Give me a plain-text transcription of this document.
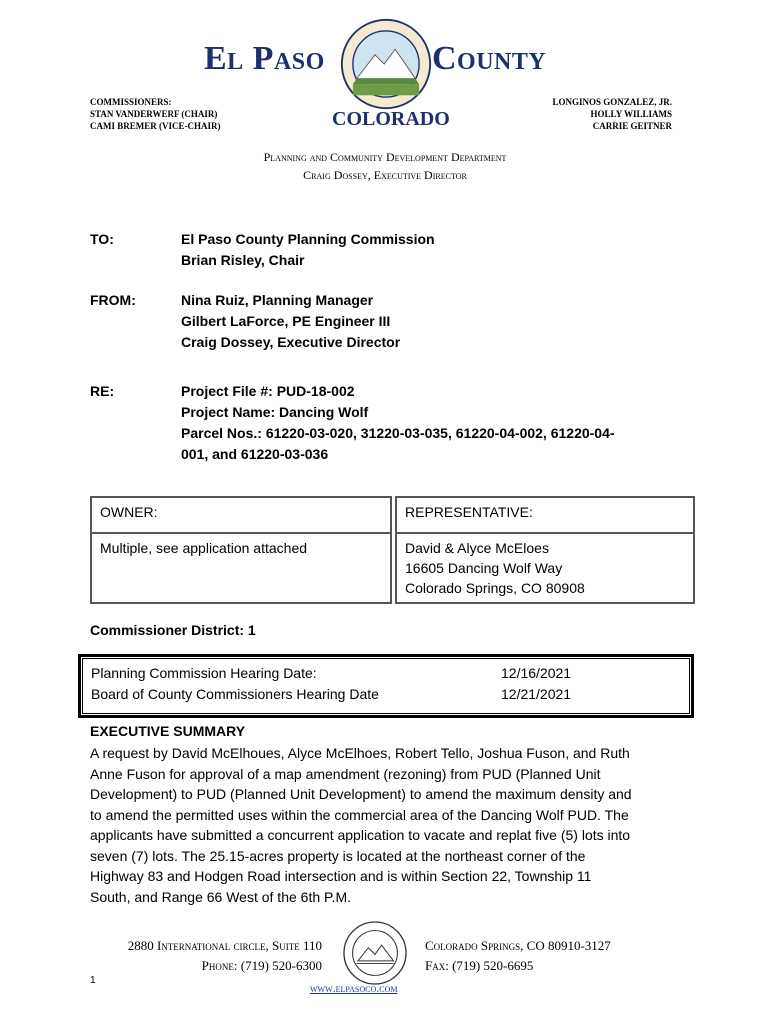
El Paso	County
COLORADO
COMMISSIONERS:
STAN VANDERWERF (CHAIR)
CAMI BREMER (VICE-CHAIR)
LONGINOS GONZALEZ, JR.
HOLLY WILLIAMS
CARRIE GEITNER
Planning and Community Development Department
Craig Dossey, Executive Director
TO:	El Paso County Planning Commission
Brian Risley, Chair
FROM:	Nina Ruiz, Planning Manager
Gilbert LaForce, PE Engineer III
Craig Dossey, Executive Director
RE:	Project File #: PUD-18-002
Project Name: Dancing Wolf
Parcel Nos.: 61220-03-020, 31220-03-035, 61220-04-002, 61220-04-
001, and 61220-03-036
OWNER:		REPRESENTATIVE:
Multiple, see application attached		David & Alyce McEloes
16605 Dancing Wolf Way
Colorado Springs, CO 80908
Commissioner District: 1
Planning Commission Hearing Date:	12/16/2021
Board of County Commissioners Hearing Date	12/21/2021
EXECUTIVE SUMMARY
A request by David McElhoues, Alyce McElhoes, Robert Tello, Joshua Fuson, and Ruth
Anne Fuson for approval of a map amendment (rezoning) from PUD (Planned Unit
Development) to PUD (Planned Unit Development) to amend the maximum density and
to amend the permitted uses within the commercial area of the Dancing Wolf PUD. The
applicants have submitted a concurrent application to vacate and replat five (5) lots into
seven (7) lots. The 25.15-acres property is located at the northeast corner of the
Highway 83 and Hodgen Road intersection and is within Section 22, Township 11
South, and Range 66 West of the 6th P.M.
2880 International circle, Suite 110
Phone: (719) 520-6300
Colorado Springs, CO 80910-3127
Fax: (719) 520-6695
1
www.elpasoco.com
